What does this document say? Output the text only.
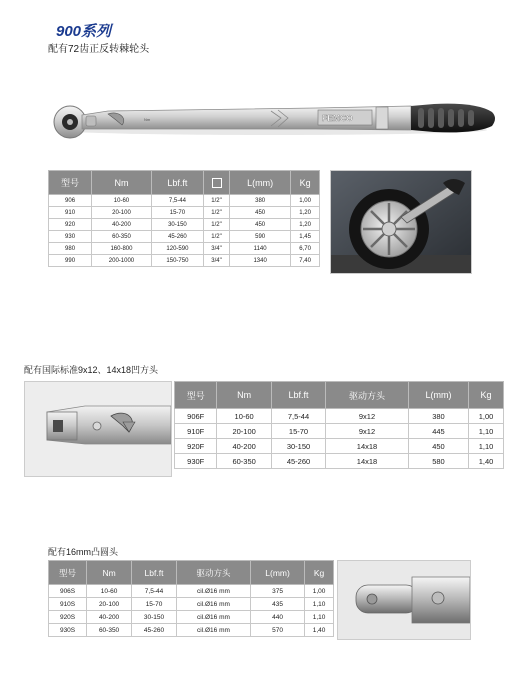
900系列
配有72齿正反转棘轮头
Nm	FEMCO
型号	Nm	Lbf.ft		L(mm)	Kg
906	10-60	7,5-44	1/2"	380	1,00
910	20-100	15-70	1/2"	450	1,20
920	40-200	30-150	1/2"	450	1,20
930	60-350	45-260	1/2"	590	1,45
980	160-800	120-590	3/4"	1140	6,70
990	200-1000	150-750	3/4"	1340	7,40
配有国际标准9x12、14x18凹方头
型号	Nm	Lbf.ft	驱动方头	L(mm)	Kg
906F	10-60	7,5-44	9x12	380	1,00
910F	20-100	15-70	9x12	445	1,10
920F	40-200	30-150	14x18	450	1,10
930F	60-350	45-260	14x18	580	1,40
配有16mm凸圆头
型号	Nm	Lbf.ft	驱动方头	L(mm)	Kg
906S	10-60	7,5-44	cil.Ø16 mm	375	1,00
910S	20-100	15-70	cil.Ø16 mm	435	1,10
920S	40-200	30-150	cil.Ø16 mm	440	1,10
930S	60-350	45-260	cil.Ø16 mm	570	1,40
